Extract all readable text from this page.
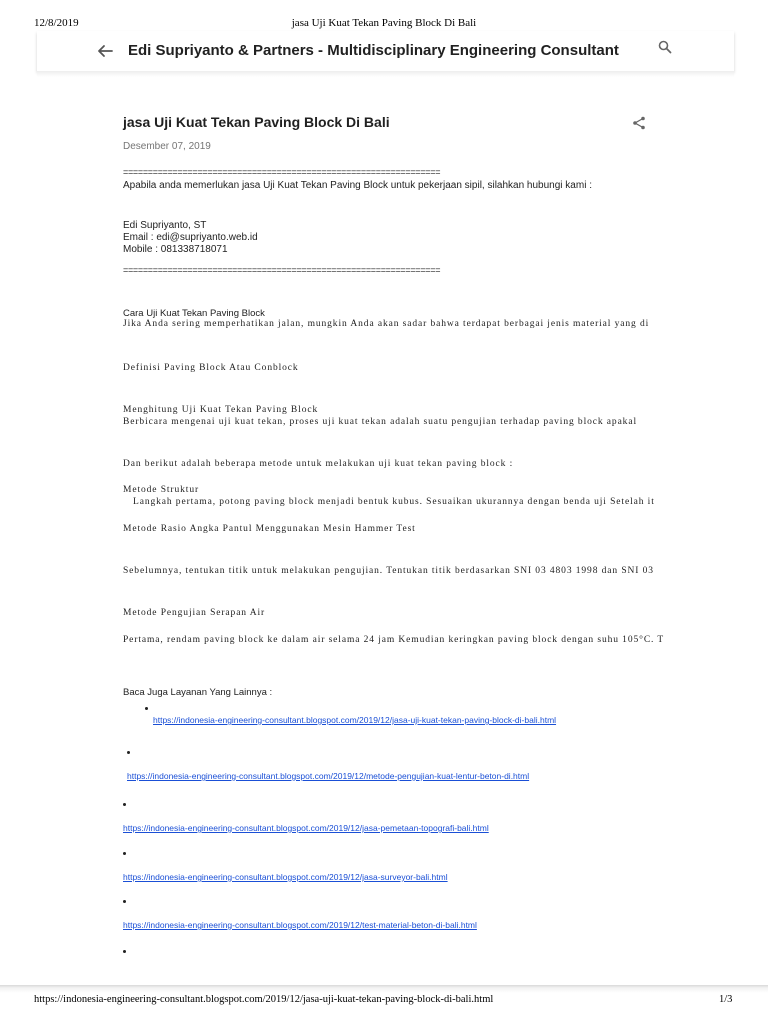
12/8/2019	jasa Uji Kuat Tekan Paving Block Di Bali
Edi Supriyanto & Partners - Multidisciplinary Engineering Consultant
jasa Uji Kuat Tekan Paving Block Di Bali
Desember 07, 2019
================================================================
Apabila anda memerlukan jasa Uji Kuat Tekan Paving Block untuk pekerjaan sipil, silahkan hubungi kami :
Edi Supriyanto, ST
Email : edi@supriyanto.web.id
Mobile : 081338718071
================================================================
Cara Uji Kuat Tekan Paving Block
Jika Anda sering memperhatikan jalan, mungkin Anda akan sadar bahwa terdapat berbagai jenis material yang di
Definisi Paving Block Atau Conblock
Menghitung Uji Kuat Tekan Paving Block
Berbicara mengenai uji kuat tekan, proses uji kuat tekan adalah suatu pengujian terhadap paving block apakal
Dan berikut adalah beberapa metode untuk melakukan uji kuat tekan paving block :
Metode Struktur
Langkah pertama, potong paving block menjadi bentuk kubus. Sesuaikan ukurannya dengan benda uji Setelah it
Metode Rasio Angka Pantul Menggunakan Mesin Hammer Test
Sebelumnya, tentukan titik untuk melakukan pengujian. Tentukan titik berdasarkan SNI 03 4803 1998 dan SNI 03
Metode Pengujian Serapan Air
Pertama, rendam paving block ke dalam air selama 24 jam Kemudian keringkan paving block dengan suhu 105°C. T
Baca Juga Layanan Yang Lainnya :
https://indonesia-engineering-consultant.blogspot.com/2019/12/jasa-uji-kuat-tekan-paving-block-di-bali.html
https://indonesia-engineering-consultant.blogspot.com/2019/12/metode-pengujian-kuat-lentur-beton-di.html
https://indonesia-engineering-consultant.blogspot.com/2019/12/jasa-pemetaan-topografi-bali.html
https://indonesia-engineering-consultant.blogspot.com/2019/12/jasa-surveyor-bali.html
https://indonesia-engineering-consultant.blogspot.com/2019/12/test-material-beton-di-bali.html
https://indonesia-engineering-consultant.blogspot.com/2019/12/jasa-uji-kuat-tekan-paving-block-di-bali.html	1/3
